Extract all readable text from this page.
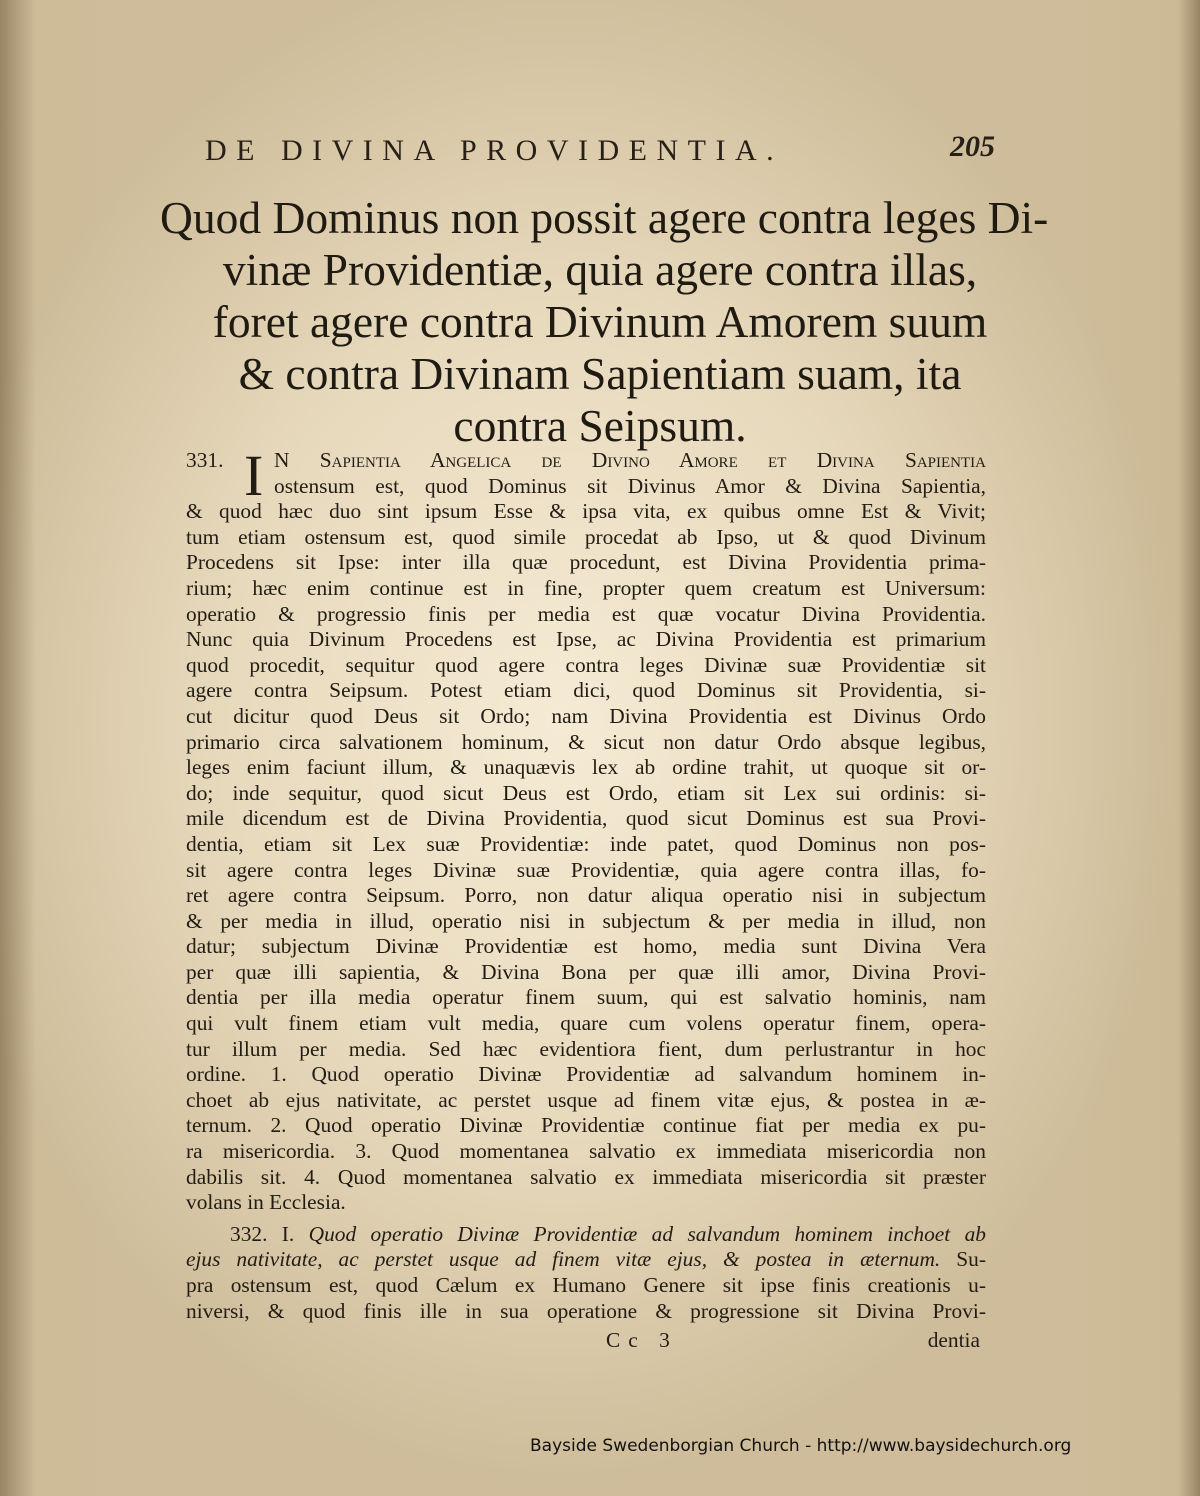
DE DIVINA PROVIDENTIA.	205
Quod Dominus non possit agere contra leges Di-
vinæ Providentiæ, quia agere contra illas,
foret agere contra Divinum Amorem suum
& contra Divinam Sapientiam suam, ita
contra Seipsum.
331. I N Sapientia Angelica de Divino Amore et Divina Sapientia
ostensum est, quod Dominus sit Divinus Amor & Divina Sapientia,
& quod hæc duo sint ipsum Esse & ipsa vita, ex quibus omne Est & Vivit;
tum etiam ostensum est, quod simile procedat ab Ipso, ut & quod Divinum
Procedens sit Ipse: inter illa quæ procedunt, est Divina Providentia prima-
rium; hæc enim continue est in fine, propter quem creatum est Universum:
operatio & progressio finis per media est quæ vocatur Divina Providentia.
Nunc quia Divinum Procedens est Ipse, ac Divina Providentia est primarium
quod procedit, sequitur quod agere contra leges Divinæ suæ Providentiæ sit
agere contra Seipsum. Potest etiam dici, quod Dominus sit Providentia, si-
cut dicitur quod Deus sit Ordo; nam Divina Providentia est Divinus Ordo
primario circa salvationem hominum, & sicut non datur Ordo absque legibus,
leges enim faciunt illum, & unaquævis lex ab ordine trahit, ut quoque sit or-
do; inde sequitur, quod sicut Deus est Ordo, etiam sit Lex sui ordinis: si-
mile dicendum est de Divina Providentia, quod sicut Dominus est sua Provi-
dentia, etiam sit Lex suæ Providentiæ: inde patet, quod Dominus non pos-
sit agere contra leges Divinæ suæ Providentiæ, quia agere contra illas, fo-
ret agere contra Seipsum. Porro, non datur aliqua operatio nisi in subjectum
& per media in illud, operatio nisi in subjectum & per media in illud, non
datur; subjectum Divinæ Providentiæ est homo, media sunt Divina Vera
per quæ illi sapientia, & Divina Bona per quæ illi amor, Divina Provi-
dentia per illa media operatur finem suum, qui est salvatio hominis, nam
qui vult finem etiam vult media, quare cum volens operatur finem, opera-
tur illum per media. Sed hæc evidentiora fient, dum perlustrantur in hoc
ordine. 1. Quod operatio Divinæ Providentiæ ad salvandum hominem in-
choet ab ejus nativitate, ac perstet usque ad finem vitæ ejus, & postea in æ-
ternum. 2. Quod operatio Divinæ Providentiæ continue fiat per media ex pu-
ra misericordia. 3. Quod momentanea salvatio ex immediata misericordia non
dabilis sit. 4. Quod momentanea salvatio ex immediata misericordia sit præster
volans in Ecclesia.
332. I. Quod operatio Divinæ Providentiæ ad salvandum hominem inchoet ab
ejus nativitate, ac perstet usque ad finem vitæ ejus, & postea in æternum. Su-
pra ostensum est, quod Cælum ex Humano Genere sit ipse finis creationis u-
niversi, & quod finis ille in sua operatione & progressione sit Divina Provi-
Cc 3	dentia
Bayside Swedenborgian Church - http://www.baysidechurch.org
